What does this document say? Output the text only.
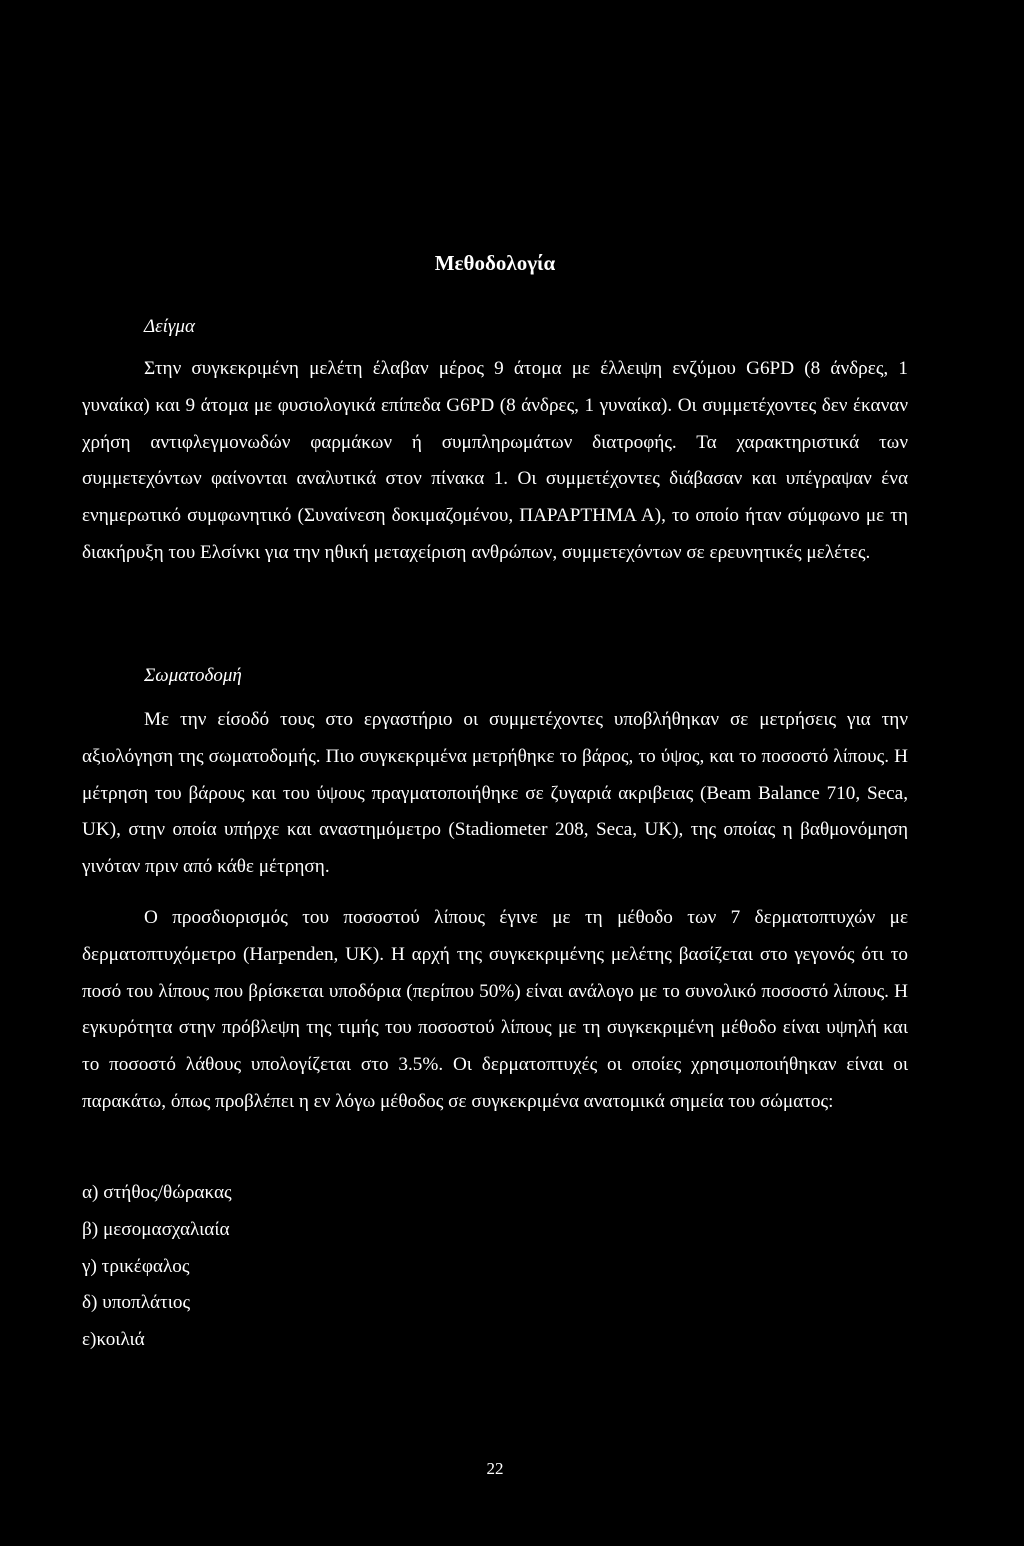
Μεθοδολογία
Δείγμα

Στην συγκεκριμένη μελέτη έλαβαν μέρος 9 άτομα με έλλειψη ενζύμου G6PD (8 άνδρες, 1 γυναίκα) και 9 άτομα με φυσιολογικά επίπεδα G6PD (8 άνδρες, 1 γυναίκα). Οι συμμετέχοντες δεν έκαναν χρήση αντιφλεγμονωδών φαρμάκων ή συμπληρωμάτων διατροφής. Τα χαρακτηριστικά των συμμετεχόντων φαίνονται αναλυτικά στον πίνακα 1. Οι συμμετέχοντες διάβασαν και υπέγραψαν ένα ενημερωτικό συμφωνητικό (Συναίνεση δοκιμαζομένου, ΠΑΡΑΡΤΗΜΑ Α), το οποίο ήταν σύμφωνο με τη διακήρυξη του Ελσίνκι για την ηθική μεταχείριση ανθρώπων, συμμετεχόντων σε ερευνητικές μελέτες.

Σωματοδομή

Με την είσοδό τους στο εργαστήριο οι συμμετέχοντες υποβλήθηκαν σε μετρήσεις για την αξιολόγηση της σωματοδομής. Πιο συγκεκριμένα μετρήθηκε το βάρος, το ύψος, και το ποσοστό λίπους. Η μέτρηση του βάρους και του ύψους πραγματοποιήθηκε σε ζυγαριά ακριβειας (Beam Balance 710, Seca, UK), στην οποία υπήρχε και αναστημόμετρο (Stadiometer 208, Seca, UK), της οποίας η βαθμονόμηση γινόταν πριν από κάθε μέτρηση.

Ο προσδιορισμός του ποσοστού λίπους έγινε με τη μέθοδο των 7 δερματοπτυχών με δερματοπτυχόμετρο (Harpenden, UK). Η αρχή της συγκεκριμένης μελέτης βασίζεται στο γεγονός ότι το ποσό του λίπους που βρίσκεται υποδόρια (περίπου 50%) είναι ανάλογο με το συνολικό ποσοστό λίπους. Η εγκυρότητα στην πρόβλεψη της τιμής του ποσοστού λίπους με τη συγκεκριμένη μέθοδο είναι υψηλή και το ποσοστό λάθους υπολογίζεται στο 3.5%. Οι δερματοπτυχές οι οποίες χρησιμοποιήθηκαν είναι οι παρακάτω, όπως προβλέπει η εν λόγω μέθοδος σε συγκεκριμένα ανατομικά σημεία του σώματος:

α) στήθος/θώρακας
β) μεσομασχαλιαία
γ) τρικέφαλος
δ) υποπλάτιος
ε)κοιλιά
22
